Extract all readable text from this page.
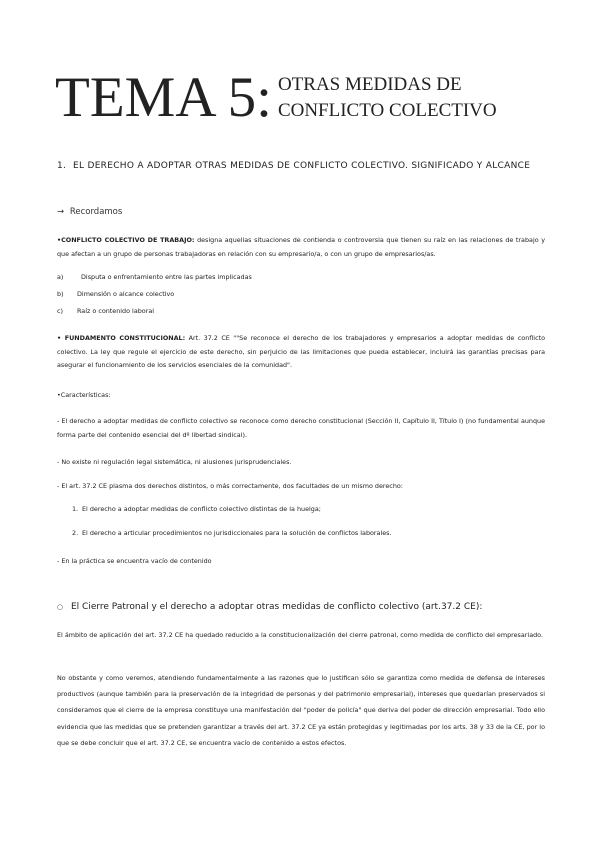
TEMA 5: OTRAS MEDIDAS DE
CONFLICTO COLECTIVO
1. EL DERECHO A ADOPTAR OTRAS MEDIDAS DE CONFLICTO COLECTIVO. SIGNIFICADO Y ALCANCE
→ Recordamos
•CONFLICTO COLECTIVO DE TRABAJO: designa aquellas situaciones de contienda o controversia que tienen su raíz en las relaciones de trabajo y que afectan a un grupo de personas trabajadoras en relación con su empresario/a, o con un grupo de empresarios/as.
a)	Disputa o enfrentamiento entre las partes implicadas
b)	Dimensión o alcance colectivo
c)	Raíz o contenido laboral
• FUNDAMENTO CONSTITUCIONAL: Art. 37.2 CE ""Se reconoce el derecho de los trabajadores y empresarios a adoptar medidas de conflicto colectivo. La ley que regule el ejercicio de este derecho, sin perjuicio de las limitaciones que pueda establecer, incluirá las garantías precisas para asegurar el funcionamiento de los servicios esenciales de la comunidad".
•Características:
- El derecho a adoptar medidas de conflicto colectivo se reconoce como derecho constitucional (Sección II, Capítulo II, Título I) (no fundamental aunque forma parte del contenido esencial del dº libertad sindical).
- No existe ni regulación legal sistemática, ni alusiones jurisprudenciales.
- El art. 37.2 CE plasma dos derechos distintos, o más correctamente, dos facultades de un mismo derecho:
1. El derecho a adoptar medidas de conflicto colectivo distintas de la huelga;
2. El derecho a articular procedimientos no jurisdiccionales para la solución de conflictos laborales.
- En la práctica se encuentra vacío de contenido
○ El Cierre Patronal y el derecho a adoptar otras medidas de conflicto colectivo (art.37.2 CE):
El ámbito de aplicación del art. 37.2 CE ha quedado reducido a la constitucionalización del cierre patronal, como medida de conflicto del empresariado.
No obstante y como veremos, atendiendo fundamentalmente a las razones que lo justifican sólo se garantiza como medida de defensa de intereses productivos (aunque también para la preservación de la integridad de personas y del patrimonio empresarial), intereses que quedarían preservados si consideramos que el cierre de la empresa constituye una manifestación del "poder de policía" que deriva del poder de dirección empresarial. Todo ello evidencia que las medidas que se pretenden garantizar a través del art. 37.2 CE ya están protegidas y legitimadas por los arts. 38 y 33 de la CE, por lo que se debe concluir que el art. 37.2 CE, se encuentra vacío de contenido a estos efectos.
